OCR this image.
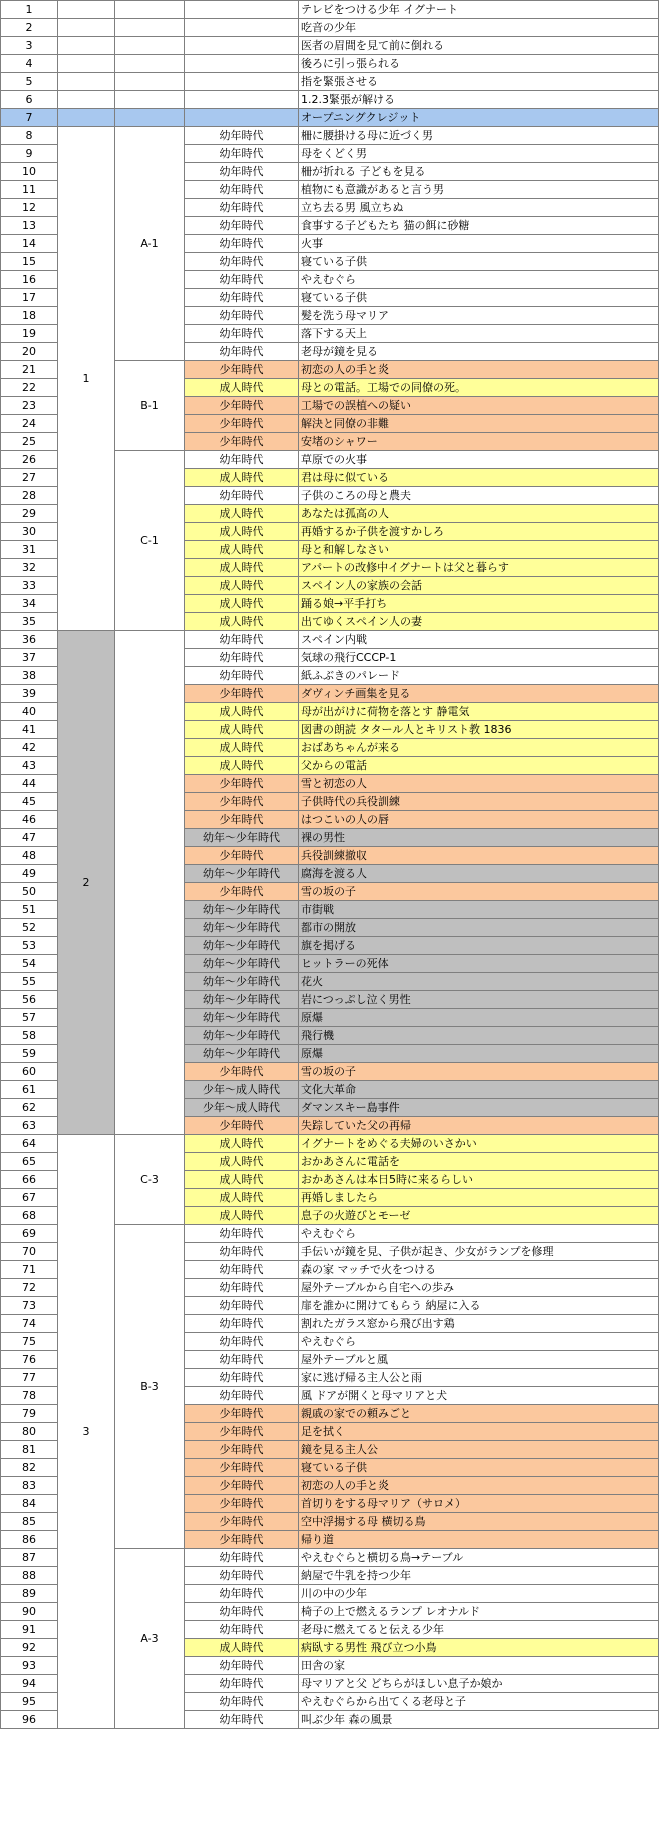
1				テレビをつける少年 イグナート
2				吃音の少年
3				医者の眉間を見て前に倒れる
4				後ろに引っ張られる
5				指を緊張させる
6				1.2.3緊張が解ける
7				オープニングクレジット
8	1	A-1	幼年時代	柵に腰掛ける母に近づく男
9			幼年時代	母をくどく男
10			幼年時代	柵が折れる 子どもを見る
11			幼年時代	植物にも意識があると言う男
12			幼年時代	立ち去る男 風立ちぬ
13			幼年時代	食事する子どもたち 猫の餌に砂糖
14			幼年時代	火事
15			幼年時代	寝ている子供
16			幼年時代	やえむぐら
17			幼年時代	寝ている子供
18			幼年時代	髪を洗う母マリア
19			幼年時代	落下する天上
20			幼年時代	老母が鏡を見る
21		B-1	少年時代	初恋の人の手と炎
22			成人時代	母との電話。工場での同僚の死。
23			少年時代	工場での誤植への疑い
24			少年時代	解決と同僚の非難
25			少年時代	安堵のシャワー
26		C-1	幼年時代	草原での火事
27			成人時代	君は母に似ている
28			幼年時代	子供のころの母と農夫
29			成人時代	あなたは孤高の人
30			成人時代	再婚するか子供を渡すかしろ
31			成人時代	母と和解しなさい
32			成人時代	アパートの改修中イグナートは父と暮らす
33			成人時代	スペイン人の家族の会話
34			成人時代	踊る娘→平手打ち
35			成人時代	出てゆくスペイン人の妻
36	2		幼年時代	スペイン内戦
37			幼年時代	気球の飛行CCCP-1
38			幼年時代	紙ふぶきのパレード
39			少年時代	ダヴィンチ画集を見る
40			成人時代	母が出がけに荷物を落とす 静電気
41			成人時代	図書の朗読 タタール人とキリスト教 1836
42			成人時代	おばあちゃんが来る
43			成人時代	父からの電話
44			少年時代	雪と初恋の人
45			少年時代	子供時代の兵役訓練
46			少年時代	はつこいの人の唇
47			幼年～少年時代	裸の男性
48			少年時代	兵役訓練撤収
49			幼年～少年時代	腐海を渡る人
50			少年時代	雪の坂の子
51			幼年～少年時代	市街戦
52			幼年～少年時代	都市の開放
53			幼年～少年時代	旗を掲げる
54			幼年～少年時代	ヒットラーの死体
55			幼年～少年時代	花火
56			幼年～少年時代	岩につっぷし泣く男性
57			幼年～少年時代	原爆
58			幼年～少年時代	飛行機
59			幼年～少年時代	原爆
60			少年時代	雪の坂の子
61			少年～成人時代	文化大革命
62			少年～成人時代	ダマンスキー島事件
63			少年時代	失踪していた父の再帰
64	3	C-3	成人時代	イグナートをめぐる夫婦のいさかい
65			成人時代	おかあさんに電話を
66			成人時代	おかあさんは本日5時に来るらしい
67			成人時代	再婚しましたら
68			成人時代	息子の火遊びとモーゼ
69		B-3	幼年時代	やえむぐら
70			幼年時代	手伝いが鏡を見、子供が起き、少女がランプを修理
71			幼年時代	森の家 マッチで火をつける
72			幼年時代	屋外テーブルから自宅への歩み
73			幼年時代	扉を誰かに開けてもらう 納屋に入る
74			幼年時代	割れたガラス窓から飛び出す鶏
75			幼年時代	やえむぐら
76			幼年時代	屋外テーブルと風
77			幼年時代	家に逃げ帰る主人公と雨
78			幼年時代	風 ドアが開くと母マリアと犬
79			少年時代	親戚の家での頼みごと
80			少年時代	足を拭く
81			少年時代	鏡を見る主人公
82			少年時代	寝ている子供
83			少年時代	初恋の人の手と炎
84			少年時代	首切りをする母マリア（サロメ）
85			少年時代	空中浮揚する母 横切る鳥
86			少年時代	帰り道
87		A-3	幼年時代	やえむぐらと横切る鳥→テーブル
88			幼年時代	納屋で牛乳を持つ少年
89			幼年時代	川の中の少年
90			幼年時代	椅子の上で燃えるランプ レオナルド
91			幼年時代	老母に燃えてると伝える少年
92			成人時代	病臥する男性 飛び立つ小鳥
93			幼年時代	田舎の家
94			幼年時代	母マリアと父 どちらがほしい息子か娘か
95			幼年時代	やえむぐらから出てくる老母と子
96			幼年時代	叫ぶ少年 森の風景
